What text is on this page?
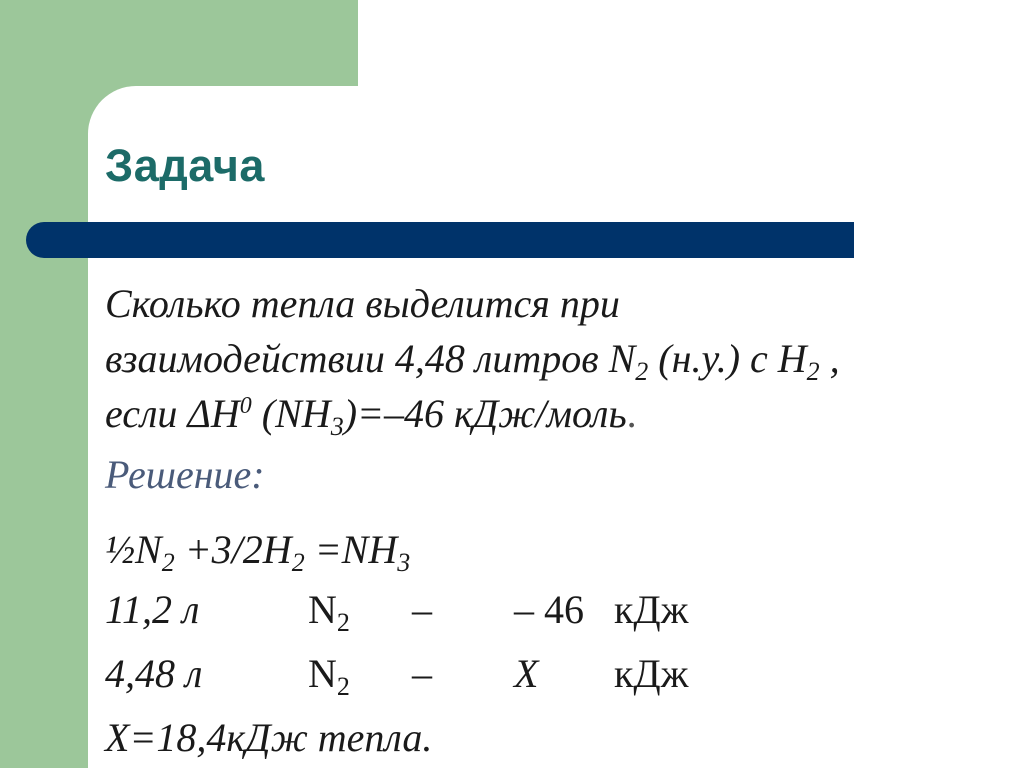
Задача
Сколько тепла выделится при
взаимодействии 4,48 литров $N_2$ (н.у.) с $Н_2$ ,
если $\Delta Н^0$ $(NН_3)=-46$ кДж/моль.
Решение:
$\frac{1}{2}N_2 +3/2H_2 =NH_3$
11,2 л	$N_2$ – – 46 кДж
4,48 л	$N_2$ – Х кДж
Х=18,4кДж тепла.
